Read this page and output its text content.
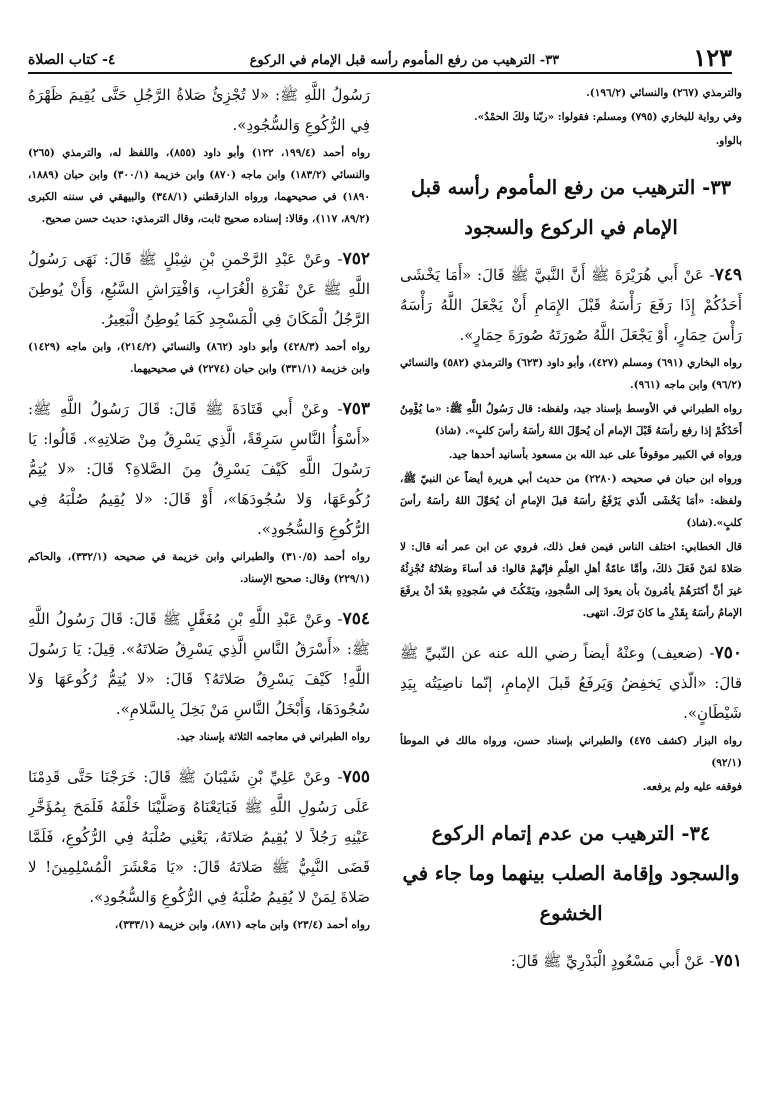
١٢٣
٣٣- الترهيب من رفع المأموم رأسه قبل الإمام في الركوع
٤- كتاب الصلاة

والترمذي (٢٦٧) والنسائي (١٩٦/٢).

وفي رواية للبخاري (٧٩٥) ومسلم: فقولوا: «ربّنا ولكَ الحمْدُ».

بالواو.

٣٣- الترهيب من رفع المأموم رأسه قبل الإمام في الركوع والسجود

٧٤٩- عَنْ أَبي هُرَيْرَةَ ﷺ أَنَّ النَّبيَّ ﷺ قَالَ: «أَمَا يَخْشَى أَحَدُكُمْ إِذَا رَفَعَ رَأْسَهُ قَبْلَ الإِمَامِ أَنْ يَجْعَلَ اللَّهُ رَأْسَهُ رَأْسَ حِمَارٍ، أَوْ يَجْعَلَ اللَّهُ صُورَتَهُ صُورَةَ حِمَارٍ».

رواه البخاري (٦٩١) ومسلم (٤٢٧)، وأبو داود (٦٢٣) والترمذي (٥٨٢) والنسائي (٩٦/٢) وابن ماجه (٩٦١).

رواه الطبراني في الأوسط بإسناد جيد، ولفظه: قال رَسُولُ اللَّهِ ﷺ: «ما يُؤْمِنُ أَحَدُكُمْ إذا رفع رأسَهُ قَبْلَ الإمام أن يُحوِّلَ اللهُ رأسَهُ رأسَ كلبٍ». (شاذ)

ورواه في الكبير موقوفاً على عبد الله بن مسعود بأسانيد أحدها جيد.

ورواه ابن حبان في صحيحه (٢٢٨٠) من حديث أبي هريرة أيضاً عن النبيّ ﷺ، ولفظه: «أمَا يَخْشَى الّذي يَرْفَعُ رأسَهُ قبلَ الإمامِ أن يُحَوِّلَ اللهُ رأسَهُ رأسَ كلبٍ».(شاذ)

قال الخطابي: اختلف الناس فيمن فعل ذلك، فروي عن ابن عمر أنه قال: لا صَلاةَ لمَنْ فَعَلَ ذلكَ، وأمَّا عامّةُ أهلِ العِلْمِ فإنّهمْ قالوا: قد أساءَ وصَلاتُهُ تُجْزِئُهُ غيرَ أنَّ أكثرَهُمْ يأمُرونَ بأن يعودَ إلى السُّجودِ، ويَمْكُثَ في سُجودِهِ بعْدَ أنْ يرفَعَ الإمامُ رأسَهُ بِقَدْرِ ما كانَ تَرَكَ. انتهى.

٧٥٠- (ضعيف) وعنْهُ أيضاً رضي الله عنه عن النّبيِّ ﷺ قالَ: «الّذي يَخفِضُ وَيَرفَعُ قَبلَ الإمامِ، إنّما ناصِيَتُه بِيَدِ شَيْطَانٍ».

رواه البزار (كشف ٤٧٥) والطبراني بإسناد حسن، ورواه مالك في الموطأ (٩٢/١)

فوقفه عليه ولم يرفعه.

٣٤- الترهيب من عدم إتمام الركوع والسجود وإقامة الصلب بينهما وما جاء في الخشوع

٧٥١- عَنْ أَبي مَسْعُودٍ الْبَدْرِيِّ ﷺ قَالَ:

رَسُولُ اللَّهِ ﷺ: «لا تُجْزِئُ صَلاةُ الرَّجُلِ حَتَّى يُقِيمَ ظَهْرَهُ فِي الرُّكُوعِ وَالسُّجُودِ».

رواه أحمد (١٩٩/٤، ١٢٢) وأبو داود (٨٥٥)، واللفظ له، والترمذي (٢٦٥) والنسائي (١٨٣/٢) وابن ماجه (٨٧٠) وابن خزيمة (٣٠٠/١) وابن حبان (١٨٨٩، ١٨٩٠) في صحيحهما، ورواه الدارقطني (٣٤٨/١) والبيهقي في سننه الكبرى (٨٩/٢، ١١٧)، وقالا: إسناده صحيح ثابت، وقال الترمذي: حديث حسن صحيح.

٧٥٢- وعَنْ عَبْدِ الرَّحْمنِ بْنِ شِبْلٍ ﷺ قَالَ: نَهَى رَسُولُ اللَّهِ ﷺ عَنْ نَقْرَةِ الْغُرَابِ، وَافْتِرَاشِ السَّبُعِ، وَأَنْ يُوطِنَ الرَّجُلُ الْمَكَانَ فِي الْمَسْجِدِ كَمَا يُوطِنُ الْبَعِيرُ.

رواه أحمد (٤٢٨/٣) وأبو داود (٨٦٢) والنسائي (٢١٤/٢)، وابن ماجه (١٤٢٩) وابن خزيمة (٣٣١/١) وابن حبان (٢٢٧٤) في صحيحيهما.

٧٥٣- وعَنْ أَبي قَتَادَةَ ﷺ قَالَ: قَالَ رَسُولُ اللَّهِ ﷺ: «أَسْوَأُ النَّاسِ سَرِقَةً، الَّذِي يَسْرِقُ مِنْ صَلاتِهِ». قَالُوا: يَا رَسُولَ اللَّهِ كَيْفَ يَسْرِقُ مِنَ الصَّلاةِ؟ قَالَ: «لا يُتِمُّ رُكُوعَهَا، وَلا سُجُودَهَا»، أَوْ قَالَ: «لا يُقِيمُ صُلْبَهُ فِي الرُّكُوعِ وَالسُّجُودِ».

رواه أحمد (٣١٠/٥) والطبراني وابن خزيمة في صحيحه (٣٣٢/١)، والحاكم (٢٢٩/١) وقال: صحيح الإسناد.

٧٥٤- وعَنْ عَبْدِ اللَّهِ بْنِ مُغَفَّلٍ ﷺ قَالَ: قَالَ رَسُولُ اللَّهِ ﷺ: «أَسْرَقُ النَّاسِ الَّذِي يَسْرِقُ صَلاتَهُ». قِيلَ: يَا رَسُولَ اللَّهِ! كَيْفَ يَسْرِقُ صَلاتَهُ؟ قَالَ: «لا يُتِمُّ رُكُوعَهَا وَلا سُجُودَهَا، وَأَبْخَلُ النَّاسِ مَنْ بَخِلَ بِالسَّلامِ».

رواه الطبراني في معاجمه الثلاثة بإسناد جيد.

٧٥٥- وعَنْ عَلِيِّ بْنِ شَيْبَانَ ﷺ قَالَ: خَرَجْنَا حَتَّى قَدِمْنَا عَلَى رَسُولِ اللَّهِ ﷺ فَبَايَعْنَاهُ وَصَلَّيْنَا خَلْفَهُ فَلَمَحَ بِمُؤَخَّرِ عَيْنِهِ رَجُلاً لا يُقِيمُ صَلاتَهُ، يَعْنِي صُلْبَهُ فِي الرُّكُوعِ، فَلَمَّا قَضَى النَّبِيُّ ﷺ صَلاتَهُ قَالَ: «يَا مَعْشَرَ الْمُسْلِمِينَ! لا صَلاةَ لِمَنْ لا يُقِيمُ صُلْبَهُ فِي الرُّكُوعِ وَالسُّجُودِ».

رواه أحمد (٢٣/٤) وابن ماجه (٨٧١)، وابن خزيمة (٣٣٣/١)،
